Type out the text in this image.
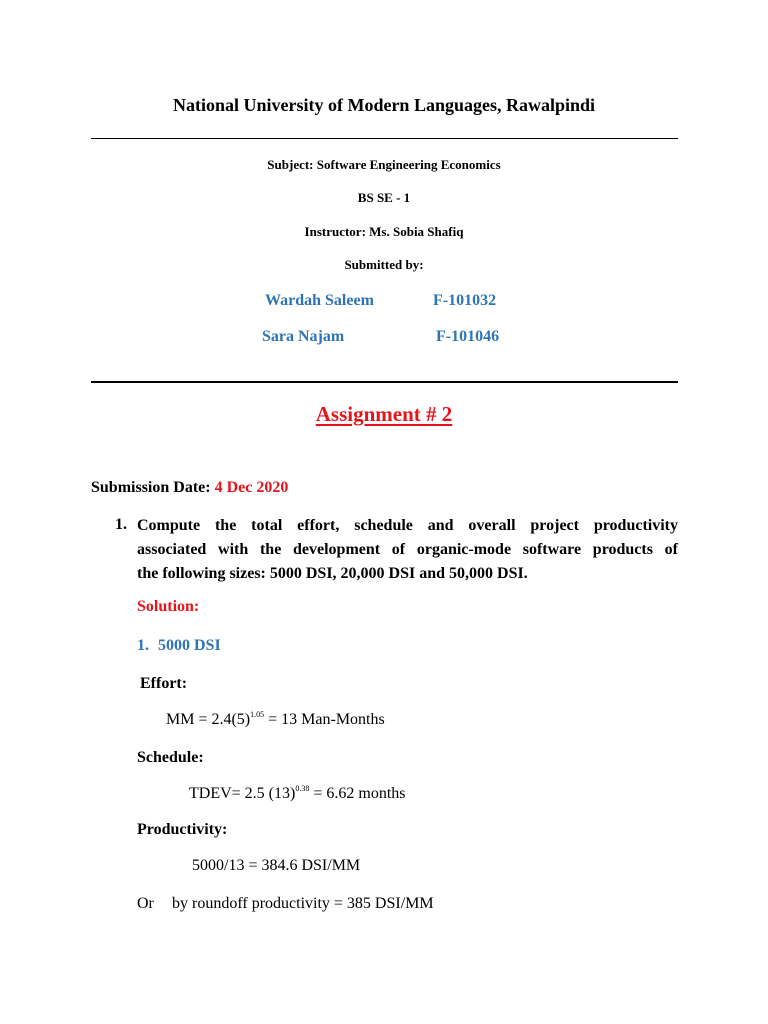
National University of Modern Languages, Rawalpindi
Subject: Software Engineering Economics
BS SE - 1
Instructor: Ms. Sobia Shafiq
Submitted by:
Wardah Saleem	F-101032
Sara Najam	F-101046
Assignment # 2
Submission Date: 4 Dec 2020
1. Compute the total effort, schedule and overall project productivity
associated with the development of organic-mode software products of
the following sizes: 5000 DSI, 20,000 DSI and 50,000 DSI.
Solution:
1. 5000 DSI
Effort:
MM = $2.4(5)^{1.05} = 13$ Man-Months
Schedule:
TDEV= 2.5 $(13)^{0.38} = 6.62$ months
Productivity:
5000/13 = 384.6 DSI/MM
Or by roundoff productivity = 385 DSI/MM
